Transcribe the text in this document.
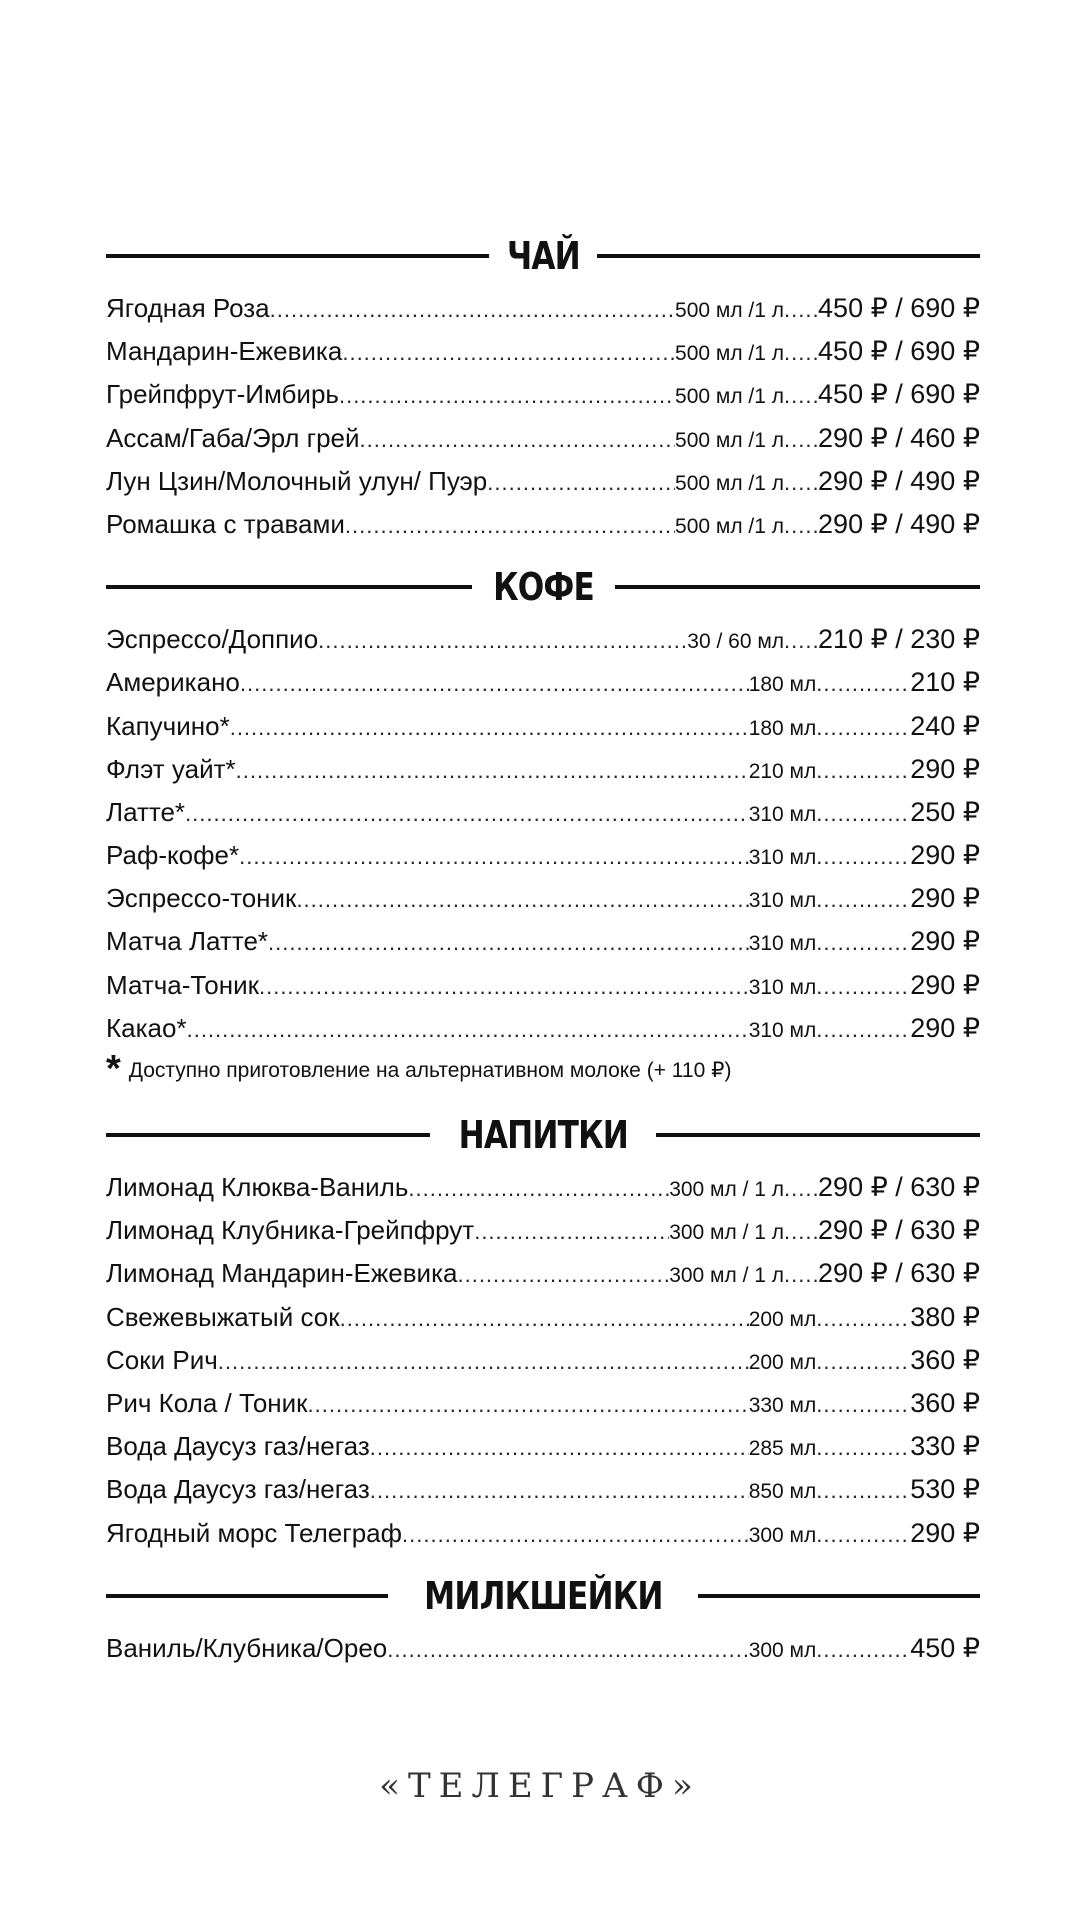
ЧАЙ
Ягодная Роза .....	500 мл /1 л ..... 450 ₽ / 690 ₽
Мандарин-Ежевика .....	500 мл /1 л ..... 450 ₽ / 690 ₽
Грейпфрут-Имбирь .....	500 мл /1 л ..... 450 ₽ / 690 ₽
Ассам/Габа/Эрл грей .....	500 мл /1 л ..... 290 ₽ / 460 ₽
Лун Цзин/Молочный улун/ Пуэр .....	500 мл /1 л ..... 290 ₽ / 490 ₽
Ромашка с травами .....	500 мл /1 л ..... 290 ₽ / 490 ₽
КОФЕ
Эспрессо/Доппио .....	30 / 60 мл ..... 210 ₽ / 230 ₽
Американо .....	180 мл .....	210 ₽
Капучино* .....	180 мл .....	240 ₽
Флэт уайт* .....	210 мл .....	290 ₽
Латте* .....	310 мл .....	250 ₽
Раф-кофе* .....	310 мл .....	290 ₽
Эспрессо-тоник .....	310 мл .....	290 ₽
Матча Латте* .....	310 мл .....	290 ₽
Матча-Тоник .....	310 мл .....	290 ₽
Какао* .....	310 мл .....	290 ₽
* Доступно приготовление на альтернативном молоке (+ 110 ₽)
НАПИТКИ
Лимонад Клюква-Ваниль .....	300 мл / 1 л ..... 290 ₽ / 630 ₽
Лимонад Клубника-Грейпфрут .....	300 мл / 1 л ..... 290 ₽ / 630 ₽
Лимонад Мандарин-Ежевика .....	300 мл / 1 л ..... 290 ₽ / 630 ₽
Свежевыжатый сок .....	200 мл .....	380 ₽
Соки Рич .....	200 мл .....	360 ₽
Рич Кола / Тоник .....	330 мл .....	360 ₽
Вода Даусуз газ/негаз .....	285 мл .....	330 ₽
Вода Даусуз газ/негаз .....	850 мл .....	530 ₽
Ягодный морс Телеграф .....	300 мл .....	290 ₽
МИЛКШЕЙКИ
Ваниль/Клубника/Орео .....	300 мл .....	450 ₽
«ТЕЛЕГРАФ»
